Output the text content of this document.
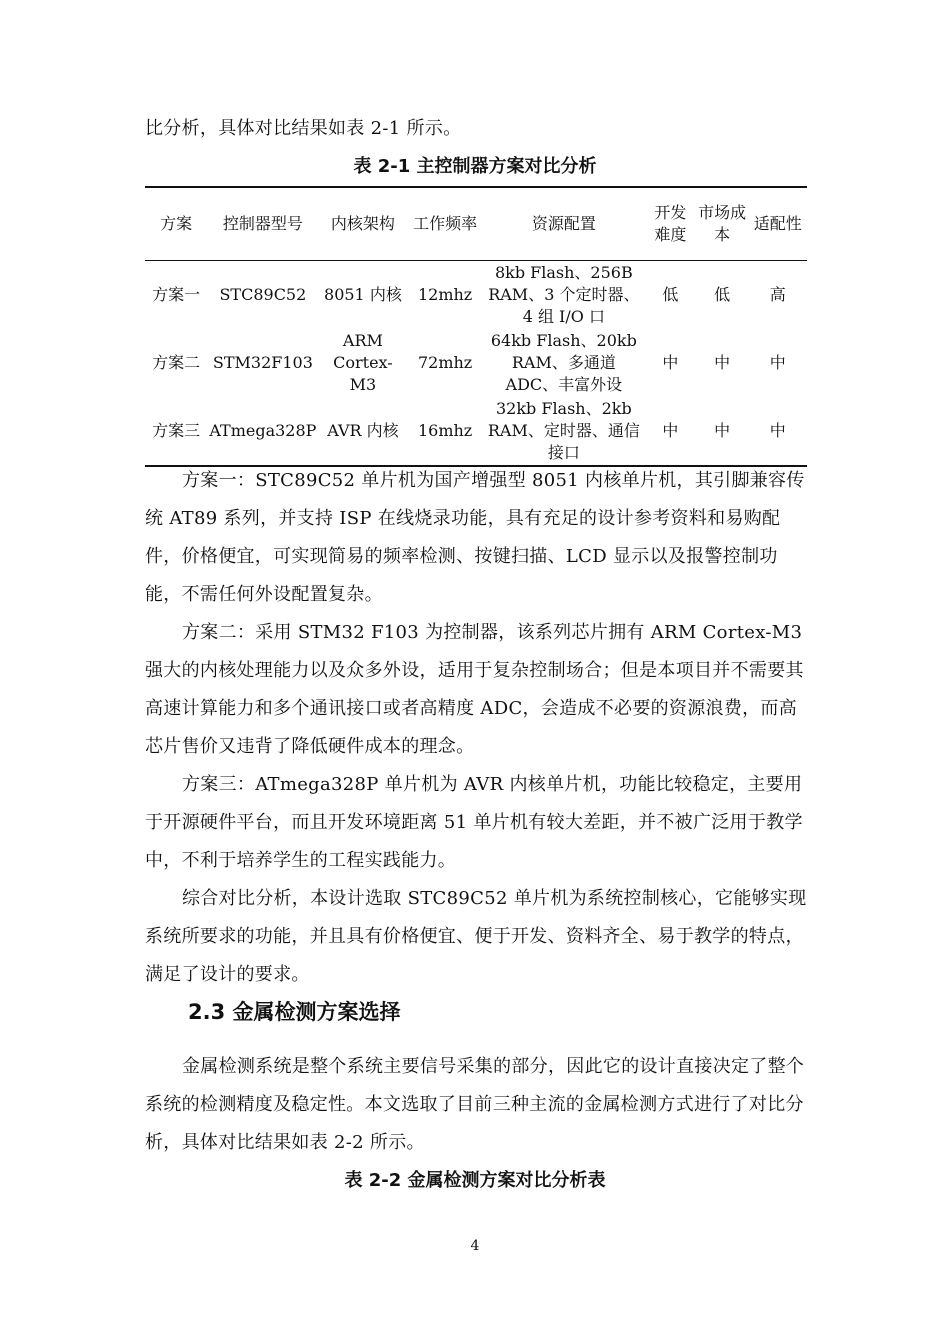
比分析，具体对比结果如表 2-1 所示。

表 2-1 主控制器方案对比分析

方案	控制器型号	内核架构	工作频率	资源配置	开发难度	市场成本	适配性
方案一	STC89C52	8051 内核	12mhz	8kb Flash、256B RAM、3 个定时器、4 组 I/O 口	低	低	高
方案二	STM32F103	ARM Cortex-M3	72mhz	64kb Flash、20kb RAM、多通道 ADC、丰富外设	中	中	中
方案三	ATmega328P	AVR 内核	16mhz	32kb Flash、2kb RAM、定时器、通信接口	中	中	中

方案一：STC89C52 单片机为国产增强型 8051 内核单片机，其引脚兼容传统 AT89 系列，并支持 ISP 在线烧录功能，具有充足的设计参考资料和易购配件，价格便宜，可实现简易的频率检测、按键扫描、LCD 显示以及报警控制功能，不需任何外设配置复杂。

方案二：采用 STM32 F103 为控制器，该系列芯片拥有 ARM Cortex-M3 强大的内核处理能力以及众多外设，适用于复杂控制场合；但是本项目并不需要其高速计算能力和多个通讯接口或者高精度 ADC，会造成不必要的资源浪费，而高芯片售价又违背了降低硬件成本的理念。

方案三：ATmega328P 单片机为 AVR 内核单片机，功能比较稳定，主要用于开源硬件平台，而且开发环境距离 51 单片机有较大差距，并不被广泛用于教学中，不利于培养学生的工程实践能力。

综合对比分析，本设计选取 STC89C52 单片机为系统控制核心，它能够实现系统所要求的功能，并且具有价格便宜、便于开发、资料齐全、易于教学的特点，满足了设计的要求。

2.3 金属检测方案选择

金属检测系统是整个系统主要信号采集的部分，因此它的设计直接决定了整个系统的检测精度及稳定性。本文选取了目前三种主流的金属检测方式进行了对比分析，具体对比结果如表 2-2 所示。

表 2-2 金属检测方案对比分析表

4
